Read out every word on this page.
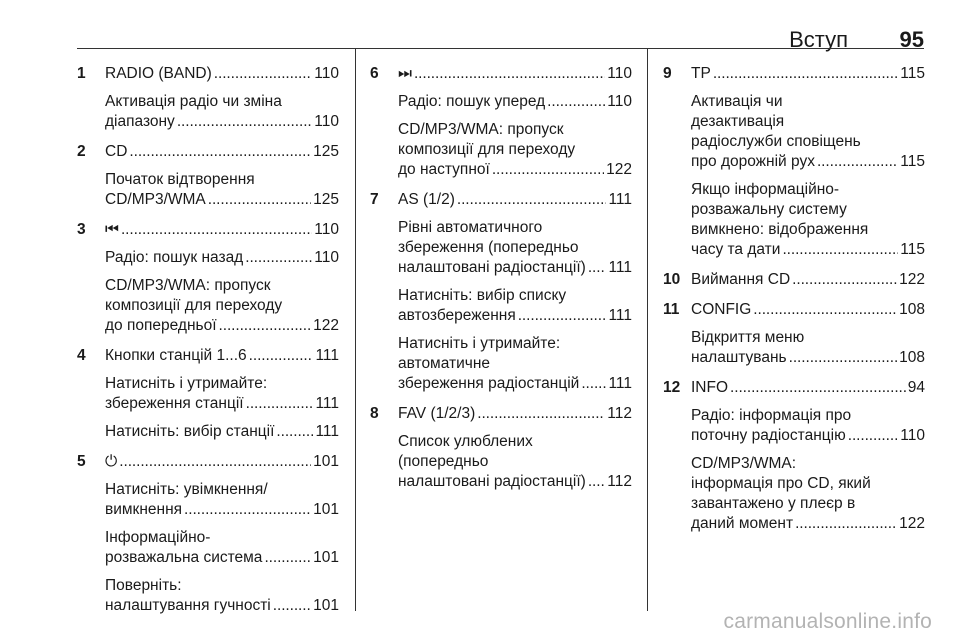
Вступ 95
1 RADIO (BAND) . . .	110
Активація радіо чи зміна
діапазону . . .	110
2 CD . . .	125
Початок відтворення
CD/MP3/WMA . . .	125
3 ⏮ . . .	110
Радіо: пошук назад . . .	110
CD/MP3/WMA: пропуск
композиції для переходу
до попередньої . . .	122
4 Кнопки станцій 1...6 . . .	111
Натисніть і утримайте:
збереження станції . . .	111
Натисніть: вибір станції . . .	111
5 ⏻ . . .	101
Натисніть: увімкнення/
вимкнення . . .	101
Інформаційно-
розважальна система . . .	101
Поверніть:
налаштування гучності . . .	101
6 ⏭ . . .	110
Радіо: пошук уперед . . .	110
CD/MP3/WMA: пропуск
композиції для переходу
до наступної . . .	122
7 AS (1/2) . . .	111
Рівні автоматичного
збереження (попередньо
налаштовані радіостанції) . . . 111
Натисніть: вибір списку
автозбереження . . .	111
Натисніть і утримайте:
автоматичне
збереження радіостанцій . . . 111
8 FAV (1/2/3) . . .	112
Список улюблених
(попередньо
налаштовані радіостанції) . . . 112
9 TP . . .	115
Активація чи
дезактивація
радіослужби сповіщень
про дорожній рух . . .	115
Якщо інформаційно-
розважальну систему
вимкнено: відображення
часу та дати . . .	115
10 Виймання CD . . .	122
11 CONFIG . . .	108
Відкриття меню
налаштувань . . .	108
12 INFO . . .	94
Радіо: інформація про
поточну радіостанцію . . .	110
CD/MP3/WMA:
інформація про CD, який
завантажено у плеєр в
даний момент . . .	122
carmanualsonline.info
